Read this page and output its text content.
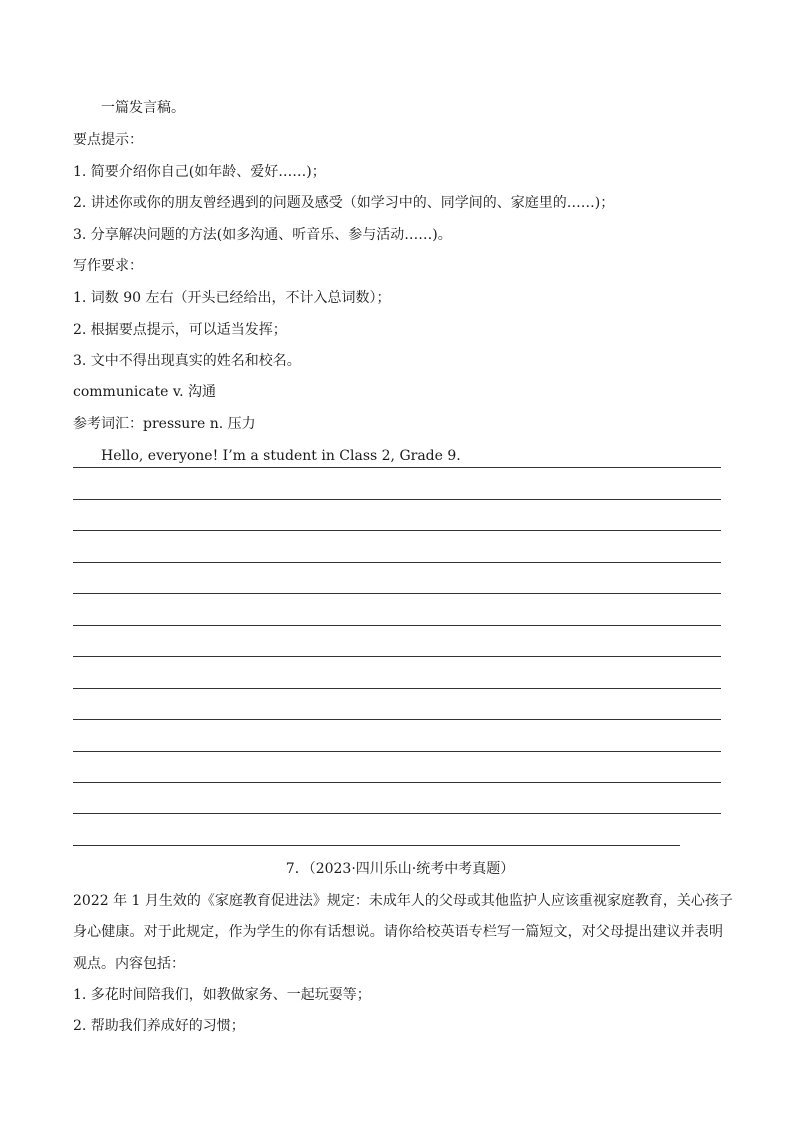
一篇发言稿。
要点提示：
1. 简要介绍你自己(如年龄、爱好……)；
2. 讲述你或你的朋友曾经遇到的问题及感受（如学习中的、同学间的、家庭里的……)；
3. 分享解决问题的方法(如多沟通、听音乐、参与活动……)。
写作要求：
1. 词数 90 左右（开头已经给出，不计入总词数）；
2. 根据要点提示，可以适当发挥；
3. 文中不得出现真实的姓名和校名。
communicate v. 沟通
参考词汇：pressure n. 压力
Hello, everyone! I’m a student in Class 2, Grade 9.
7．（2023·四川乐山·统考中考真题）
2022 年 1 月生效的《家庭教育促进法》规定：未成年人的父母或其他监护人应该重视家庭教育，关心孩子
身心健康。对于此规定，作为学生的你有话想说。请你给校英语专栏写一篇短文，对父母提出建议并表明
观点。内容包括：
1. 多花时间陪我们，如教做家务、一起玩耍等；
2. 帮助我们养成好的习惯；
